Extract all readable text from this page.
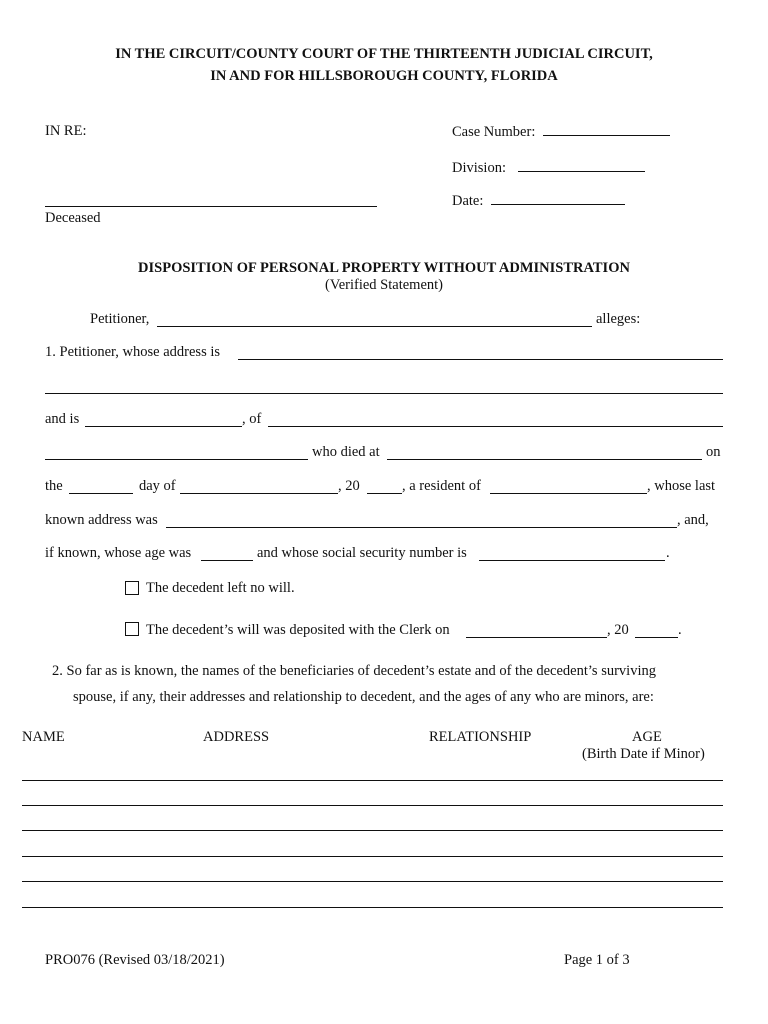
IN THE CIRCUIT/COUNTY COURT OF THE THIRTEENTH JUDICIAL CIRCUIT,
IN AND FOR HILLSBOROUGH COUNTY, FLORIDA
IN RE:
Deceased
Case Number:
Division:
Date:
DISPOSITION OF PERSONAL PROPERTY WITHOUT ADMINISTRATION
(Verified Statement)
Petitioner,	alleges:
1. Petitioner, whose address is
and is	, of
who died at	on
the	day of	, 20	, a resident of	, whose last
known address was	, and,
if known, whose age was	and whose social security number is	.
The decedent left no will.
The decedent’s will was deposited with the Clerk on	, 20	.
2. So far as is known, the names of the beneficiaries of decedent’s estate and of the decedent’s surviving
spouse, if any, their addresses and relationship to decedent, and the ages of any who are minors, are:
NAME	ADDRESS	RELATIONSHIP	AGE
(Birth Date if Minor)
PRO076 (Revised 03/18/2021)	Page 1 of 3
